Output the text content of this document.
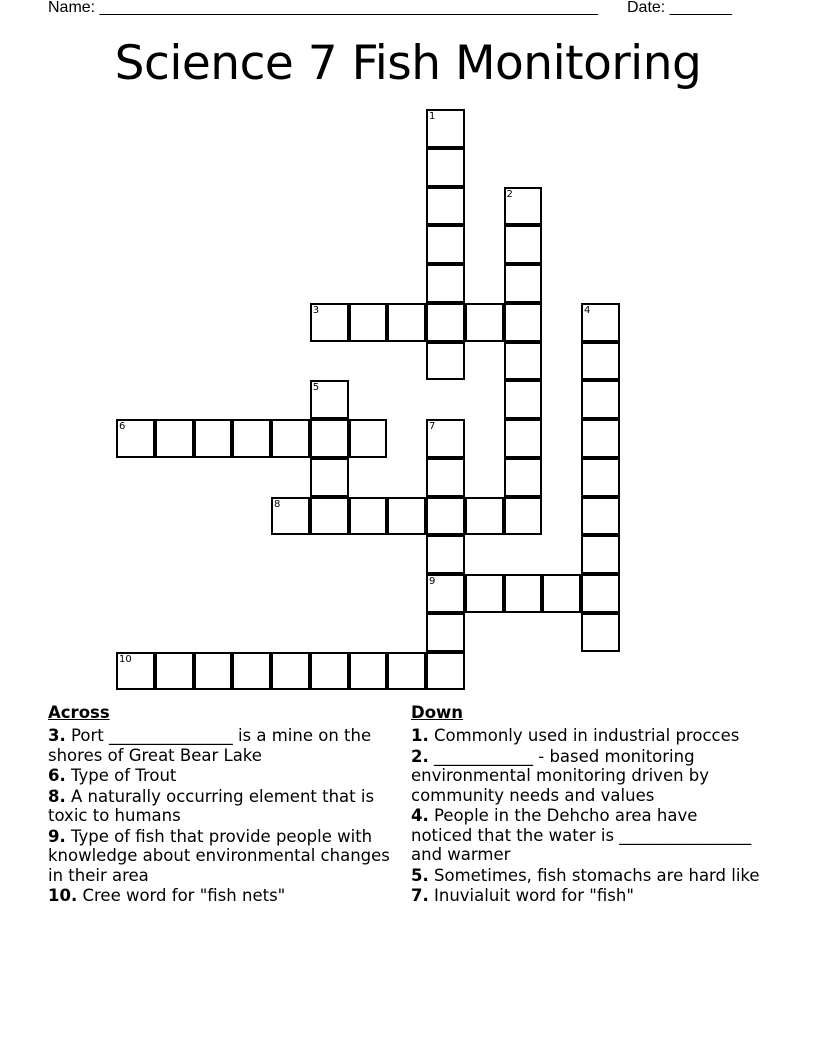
Name: ________________________________________________________ Date: _______
Science 7 Fish Monitoring
1
2
3	4
5
6	7
9
8
10
Across
3. Port _______________ is a mine on the shores of Great Bear Lake
6. Type of Trout
8. A naturally occurring element that is toxic to humans
9. Type of fish that provide people with knowledge about environmental changes in their area
10. Cree word for "fish nets"
Down
1. Commonly used in industrial procces
2. ____________ - based monitoring environmental monitoring driven by community needs and values
4. People in the Dehcho area have noticed that the water is ________________ and warmer
5. Sometimes, fish stomachs are hard like
7. Inuvialuit word for "fish"
